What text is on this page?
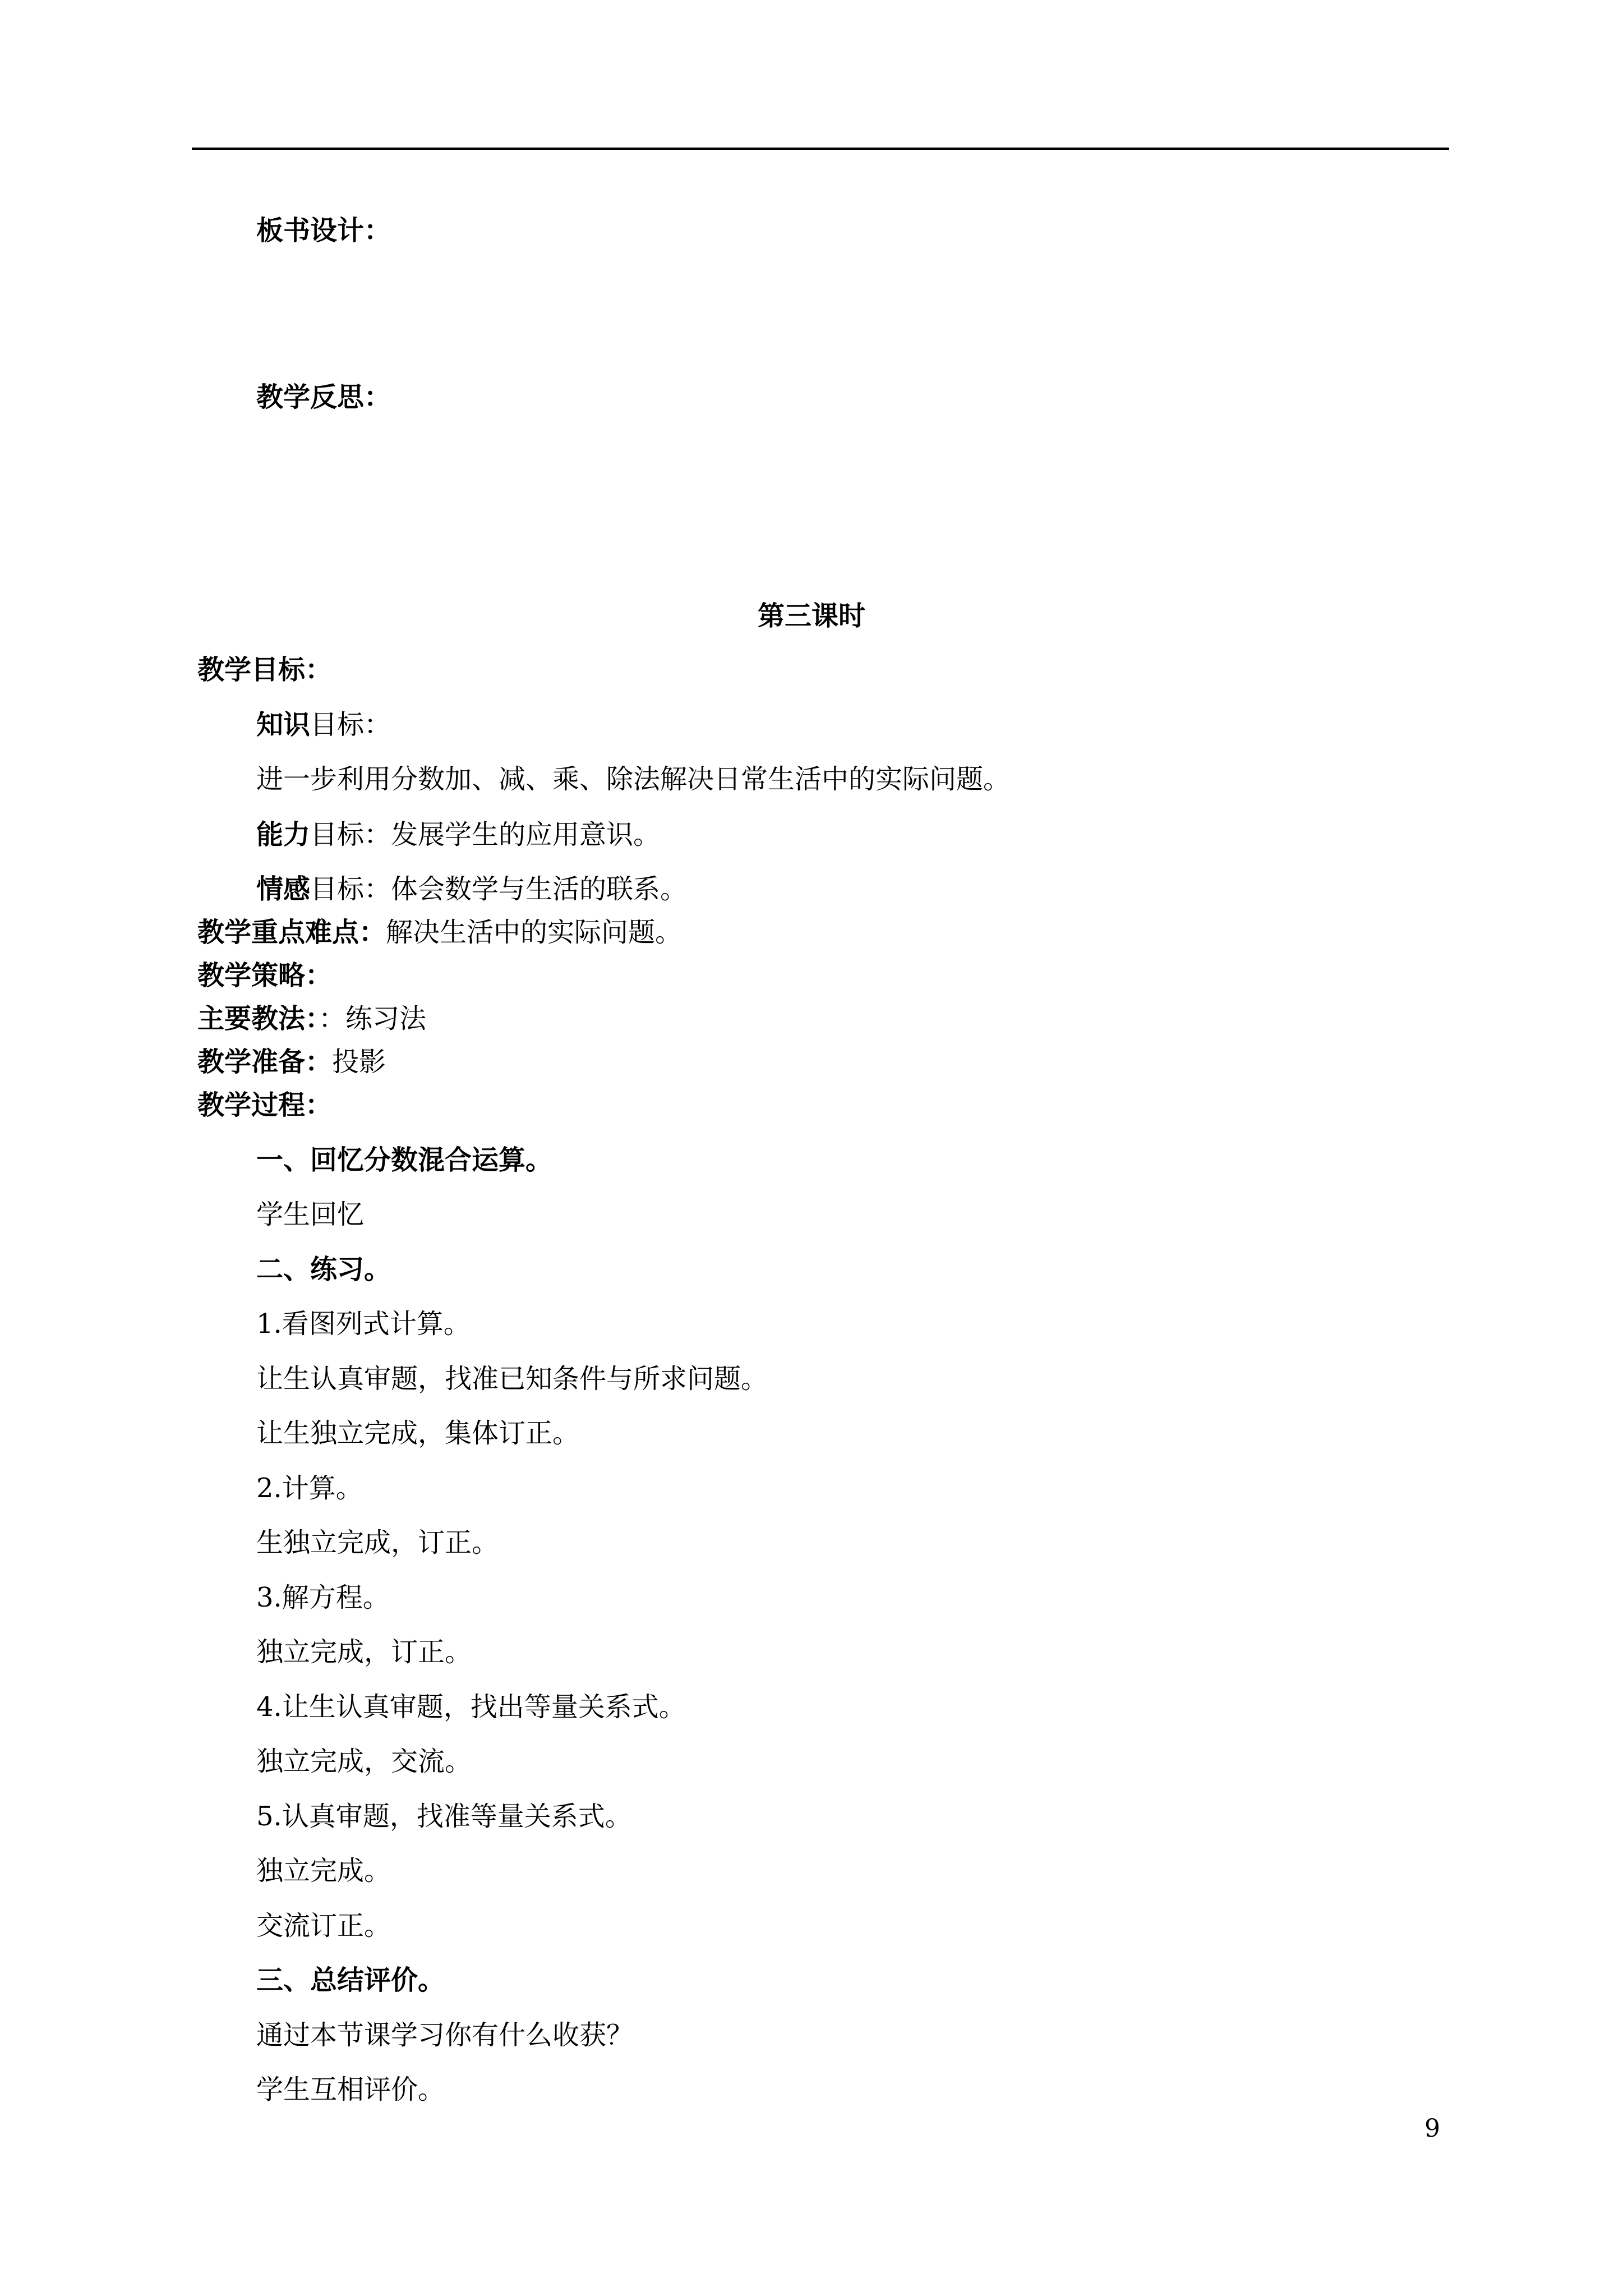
板书设计：
教学反思：
第三课时
教学目标：
知识目标：
进一步利用分数加、减、乘、除法解决日常生活中的实际问题。
能力目标：发展学生的应用意识。
情感目标：体会数学与生活的联系。
教学重点难点：解决生活中的实际问题。
教学策略：
主要教法：：练习法
教学准备：投影
教学过程：
一、回忆分数混合运算。
学生回忆
二、练习。
1.看图列式计算。
让生认真审题，找准已知条件与所求问题。
让生独立完成，集体订正。
2.计算。
生独立完成，订正。
3.解方程。
独立完成，订正。
4.让生认真审题，找出等量关系式。
独立完成，交流。
5.认真审题，找准等量关系式。
独立完成。
交流订正。
三、总结评价。
通过本节课学习你有什么收获？
学生互相评价。
9
